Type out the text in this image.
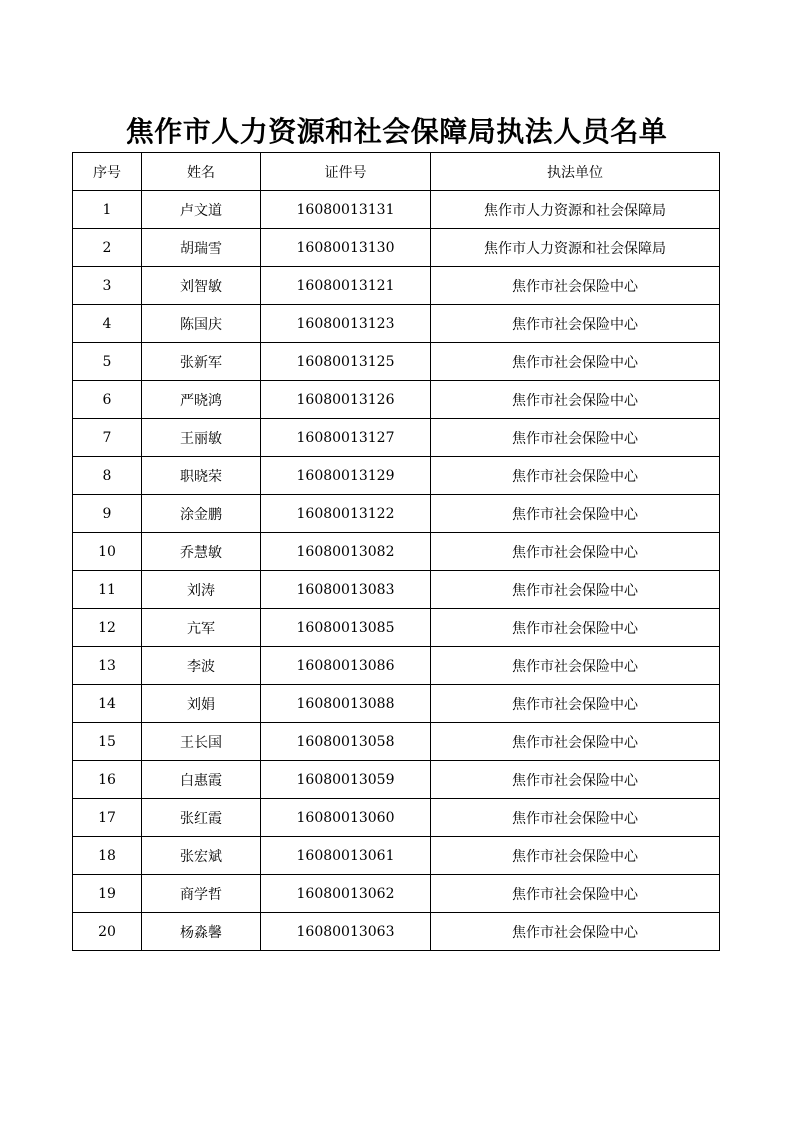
焦作市人力资源和社会保障局执法人员名单
序号	姓名	证件号	执法单位
1	卢文道	16080013131	焦作市人力资源和社会保障局
2	胡瑞雪	16080013130	焦作市人力资源和社会保障局
3	刘智敏	16080013121	焦作市社会保险中心
4	陈国庆	16080013123	焦作市社会保险中心
5	张新军	16080013125	焦作市社会保险中心
6	严晓鸿	16080013126	焦作市社会保险中心
7	王丽敏	16080013127	焦作市社会保险中心
8	职晓荣	16080013129	焦作市社会保险中心
9	涂金鹏	16080013122	焦作市社会保险中心
10	乔慧敏	16080013082	焦作市社会保险中心
11	刘涛	16080013083	焦作市社会保险中心
12	亢军	16080013085	焦作市社会保险中心
13	李波	16080013086	焦作市社会保险中心
14	刘娟	16080013088	焦作市社会保险中心
15	王长国	16080013058	焦作市社会保险中心
16	白惠霞	16080013059	焦作市社会保险中心
17	张红霞	16080013060	焦作市社会保险中心
18	张宏斌	16080013061	焦作市社会保险中心
19	商学哲	16080013062	焦作市社会保险中心
20	杨淼馨	16080013063	焦作市社会保险中心
